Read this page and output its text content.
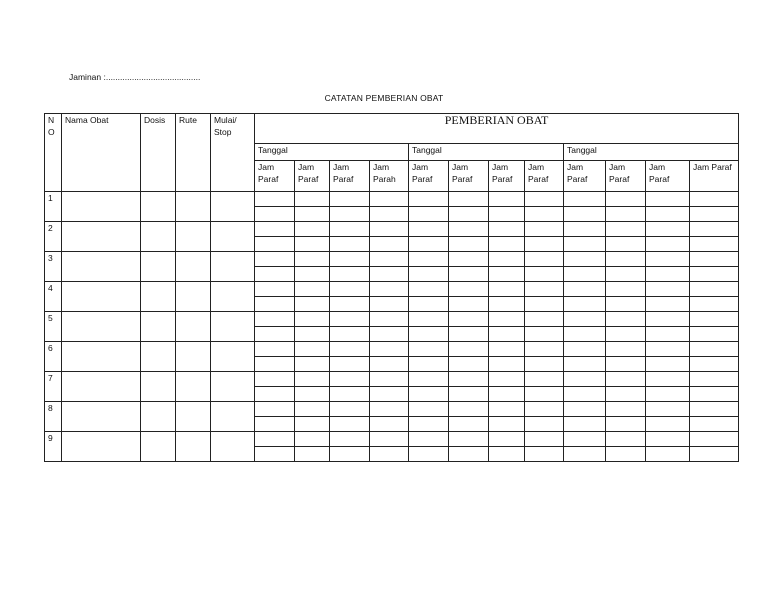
Jaminan :........................................
CATATAN PEMBERIAN OBAT
N O	Nama Obat	Dosis	Rute	Mulai/ Stop	PEMBERIAN OBAT											
					Tanggal				Tanggal				Tanggal			
					Jam Paraf	Jam Paraf	Jam Paraf	Jam Parah	Jam Paraf	Jam Paraf	Jam Paraf	Jam Paraf	Jam Paraf	Jam Paraf	Jam Paraf	Jam Paraf
1																

2																

3																

4																

5																

6																

7																

8																

9																
